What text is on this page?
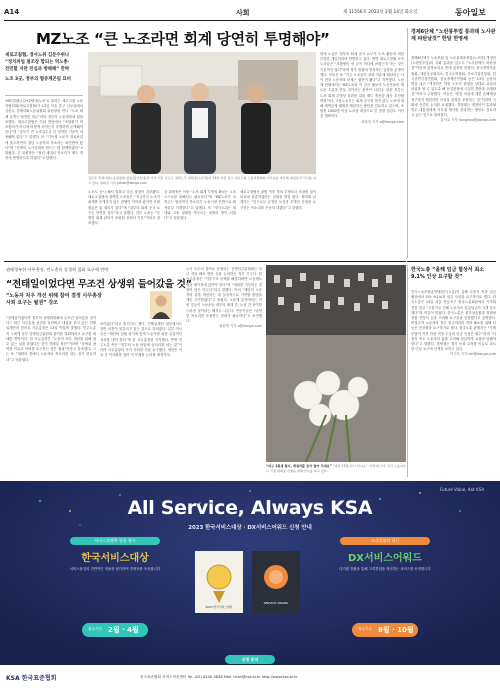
A14	사회	제 31556호 2023년 2월 14일 화요일	동아일보
MZ노조 “큰 노조라면 회계 당연히 투명해야”
새로고침협, 경사노위 김문수위나
“정치파업 철조장 합되는 먹노총·
전민할 지관 민심과 방해해” 만박
노조 3곳, 정부의 협증계곤립 묘비
‘MZ(밀레니얼+Z세대)노조’로 불리는 새로고침 노동자협의회(새로고침협)가 13일 서울 중구 사무실에서 김문수 경제사회노동위원회 위원장을 만나 “노조 회계 공개는 당연한 의무”라며 정부의 노동개혁에 힘을 보탰다. 새로고침협은 이날 면담에서 “조합원이 낸 조합비가 어디에 어떻게 쓰이는지 투명하게 공개돼야 한다”며 “규모가 큰 노조일수록 더 엄격한 기준이 적용돼야 한다”고 말했다. 또 “기득권 노조가 정치파업에 몰두하면서 청년 노동자의 목소리는 외면받아 왔다”며 “상생의 노사문화를 만드는 데 함께하겠다”고 밝혔다. 김 위원장은 “청년 세대의 목소리가 제도 개선에 반영되도록 하겠다”고 답했다.
김문수 경제사회노동위원회 위원장(가운데)과 이정 서울 효도구 결위노무 위원장(오른쪽)이 13일 서울 중구 새로고침 노동자협의회 사무실을 방문해 회원들과 인사를 하고 있다. 양회성 기자 yohan@donga.com
노조도 공시 해서 말하고 다른 장점이 강조됐다. 새로고침협에 참여한 노조들은 “지금까지 노조가 회계를 공개하지 않는 관행이 이어져 왔지만 조합원들은 알 권리가 있다”며 “정부의 회계 공시 요구는 당연한 절차”라고 말했다. 일부 노조는 “투명한 회계 관리가 조합원 신뢰의 기본”이라고 강조했다.
김 위원장은 이날 “노조 회계 투명성 확보는 노조 스스로를 위해서도 필요하다”며 “MZ노조가 보여주는 합리적인 목소리가 노동시장 전반으로 확산되길 기대한다”고 말했다. 또 “경사노위는 세대와 고용 형태를 아우르는 대화의 장이 되겠다”고 덧붙였다.
새로고침협은 출범 이후 정치 투쟁보다 조합원 권익 보호에 집중하겠다는 입장을 밝혀 왔다. 협의회 관계자는 “앞으로도 공정한 보상과 투명한 운영을 요구하는 목소리를 꾸준히 내겠다”고 말했다.
양대 노총은 정부의 회계 공시 요구가 노조 활동에 대한 부당한 개입이라며 반발하고 있다. 반면 새로고침협 소속 노조들은 “조합원이 낸 돈이 어디에 쓰였는지 아는 것은 기본적인 권리”라며 정부 방침에 찬성하는 입장을 분명히 했다. 이들은 또 “기존 노조들이 정치 이슈에 매달리는 사이 현장 노동자의 문제는 뒷전이 됐다”고 지적했다. 노동계 안팎에서는 MZ노조의 이 같은 행보가 노동운동의 새로운 흐름을 만들 것이라는 관측이 나온다. 한편 정부는 노조 회계 투명성 강화를 위한 제도 개선을 계속 추진할 방침이다. 고용노동부는 회계 공시를 하지 않는 노조에 대해 세액공제 혜택을 제한하는 방안을 검토하고 있으며, 조합원 1000명 이상 노조를 대상으로 한 현장 점검도 이어갈 계획이다.
최원영 기자 o@donga.com
경제6단체 “노란봉투법 통과돼 노사관계 파탄날것” 한달 반영세
경제6단체가 노동조합 및 노동관계조정법(노조법) 개정안(노란봉투법)의 국회 통과를 앞두고 “노사관계가 파탄날 것”이라며 한목소리로 반대 입장을 밝혔다. 한국경영자총협회, 대한상공회의소, 한국무역협회, 중소기업중앙회, 한국중견기업연합회, 전국경제인연합회 등은 13일 공동성명을 내고 “개정안은 하청 노조가 원청을 상대로 교섭과 파업을 할 수 있도록 해 산업현장에 극심한 혼란을 초래할 것”이라고 주장했다. 이들은 “불법 파업에 대한 손해배상 청구까지 제한하면 사실상 불법을 조장하는 것”이라며 국회에 신중한 논의를 요청했다. 경영계는 개정안이 통과될 경우 대통령에게 거부권 행사를 건의하는 방안도 검토하고 있는 것으로 알려졌다.
홍석호 기자 honghoo@donga.com
권폐청부한 사무총장, 민노총의 상경력 철회 요구에 반박
“전태일이었다면 무조건 상생위 들어갔을 것”
“노동자 처우 개선 위해 참여 결정 사무총장 사퇴 요구는 월권” 강조
“전태일이었다면 정부의 상생위원회에 무조건 들어갔을 것이다.” 최근 사무총장 선임을 둘러싸고 내홍을 겪고 있는 전태일재단의 한석호 사무총장은 13일 이렇게 말했다. 민주노총이 그에게 정부 상생임금위원회 참여를 철회하라고 요구한 데 대한 반박이다. 한 사무총장은 “노동자 처우 개선을 위해 할 수 있는 일을 하겠다는 것이 전태일 정신”이라며 “상생위 참여를 이유로 사퇴를 요구하는 것은 월권”이라고 강조했다. 그는 또 “대화의 장에서 노동자의 목소리를 내는 것이 중요하다”고 덧붙였다.
보이겠다”라고 밝히기도 했다. 전태일재단 내부에서도 찬반 의견이 엇갈리고 있는 것으로 알려졌다. 일부 이사들은 “재단의 설립 취지에 맞게 노동자를 위한 실질적인 성과를 내야 한다”며 한 사무총장을 지지했다. 반면 민주노총 측은 “정부의 노동 탄압에 들러리를 서는 것”이라며 사무총장의 즉각 사퇴를 거듭 요구했다. 재단은 이달 중 이사회를 열어 이 문제를 논의할 예정이다.
노사 모두의 참여로 운영되는 상생임금위원회는 임금 격차 해소 방안 등을 논의하는 정부 기구다. 한 사무총장은 “이중구조 문제를 해결하려면 노동계도 협상 테이블에 앉아야 한다”며 “대화를 거부하는 것만이 답은 아니다”라고 말했다. 이어 “재단이 노동자의 삶을 개선하는 데 실질적으로 기여할 방법을 계속 고민하겠다”고 밝혔다. 노동계 일각에서는 이번 갈등이 노동운동 내부의 세대 간, 노선 간 차이를 드러낸 것이라는 해석도 나온다. 전문가들은 “다양한 목소리를 포용하는 문화가 필요하다”고 조언했다.
최원영 기자 o@donga.com
“내구 1원생 참사, 희생자를 잊지 말아 주세요” “내년 12월 다시 만나요”. 선상에 고국 건각 노동자들이 직접 대회장 진행을 위해 인사를 하고 있다.
한국노총 “올해 임금 협상서 최소 9.1% 인상 요구할 것”
한국노동조합총연맹(한국노총)이 올해 사용자 측과 임금 협상에서 최소 9.1%의 임금 인상을 요구하기로 했다. 한국노총은 13일 서울 영등포구 한국노총회관에서 기자회견을 열고 “고물가로 인해 노동자의 실질임금이 크게 감소했다”며 이같이 밝혔다. 한국노총은 물가상승률과 경제성장률 전망치 등을 고려해 요구율을 산정했다고 설명했다. 비정규직 노동자의 경우 정규직과의 격차 해소를 위해 더 높은 인상률을 요구하기로 했다. 한국노총 관계자는 “가계 부담이 커진 만큼 적정 수준의 임금 인상은 필수”라며 “사용자 측도 노동자의 삶을 고려해 성실하게 교섭에 임해야 한다”고 말했다. 경영계는 경기 둔화 우려를 이유로 과도한 인상 요구에 난색을 보이고 있다.
이은후 기자 leh@donga.com
Future Value, Ask KSA
All Service, Always KSA
2023 한국서비스대상 · DX서비스어워드 신청 안내
서비스경쟁력 종합 평가
한국서비스대상
서비스품질의 전반적인 내용을 평가하여 경영자를 포상합니다
접수기간 2월 · 4월
2023 한국서비스대상
SERVICE AWARD
고객경험의 혁신
DX서비스어워드
디지털 전환을 통해 고객경험을 혁신하는 서비스를 선정합니다
접수기간 8월 · 10월
신청 문의
KSA 한국표준협회	한국표준협회 서비스혁신센터 Tel. (02) 6240-4836 Mail. trust@ksa.or.kr http://www.ksa.or.kr
